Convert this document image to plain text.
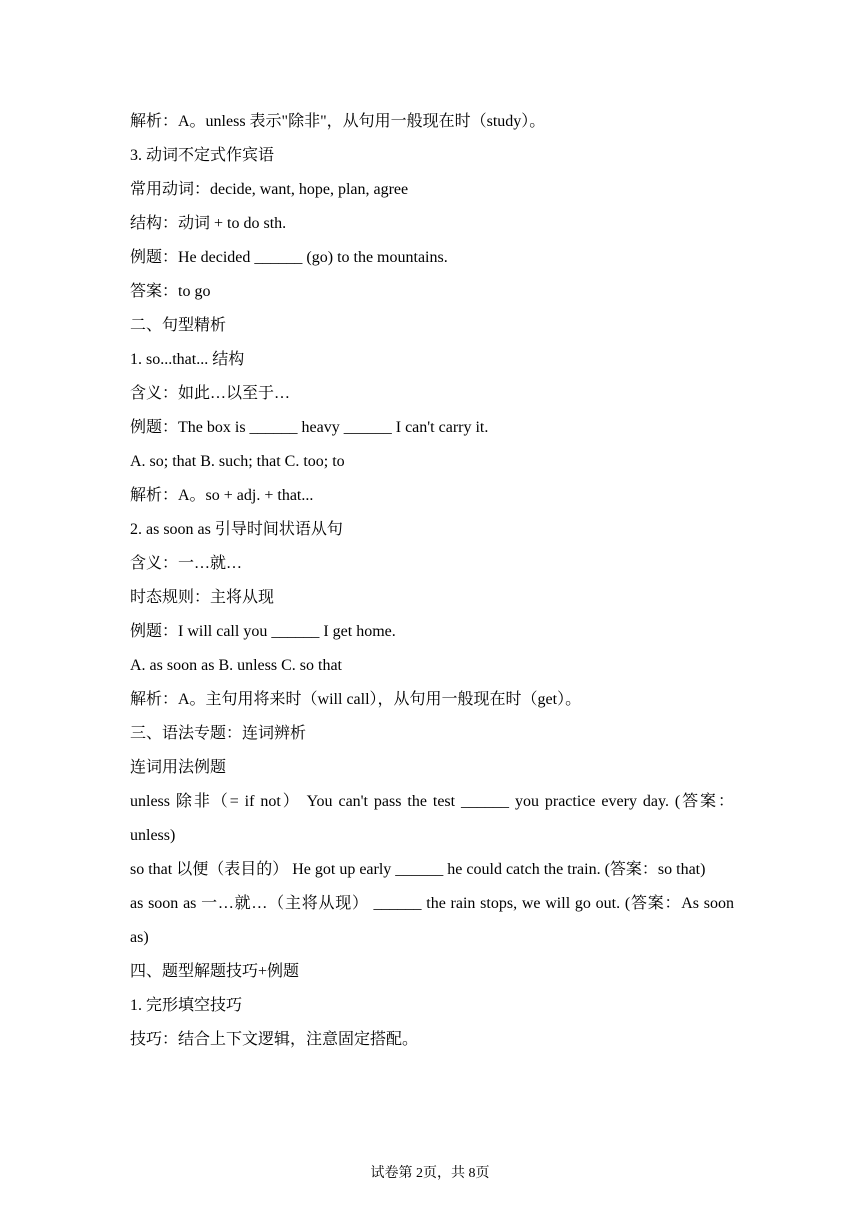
解析：A。unless 表示"除非"，从句用一般现在时（study）。
3. 动词不定式作宾语
常用动词：decide, want, hope, plan, agree
结构：动词 + to do sth.
例题：He decided ______ (go) to the mountains.
答案：to go
二、句型精析
1. so...that... 结构
含义：如此…以至于…
例题：The box is ______ heavy ______ I can't carry it.
A. so; that B. such; that C. too; to
解析：A。so + adj. + that...
2. as soon as 引导时间状语从句
含义：一…就…
时态规则：主将从现
例题：I will call you ______ I get home.
A. as soon as B. unless C. so that
解析：A。主句用将来时（will call），从句用一般现在时（get）。
三、语法专题：连词辨析
连词用法例题
unless 除非（= if not） You can't pass the test ______ you practice every day. (答案：unless)
so that 以便（表目的） He got up early ______ he could catch the train. (答案：so that)
as soon as 一…就…（主将从现） ______ the rain stops, we will go out. (答案：As soon as)
四、题型解题技巧+例题
1. 完形填空技巧
技巧：结合上下文逻辑，注意固定搭配。
试卷第 2页，共 8页
